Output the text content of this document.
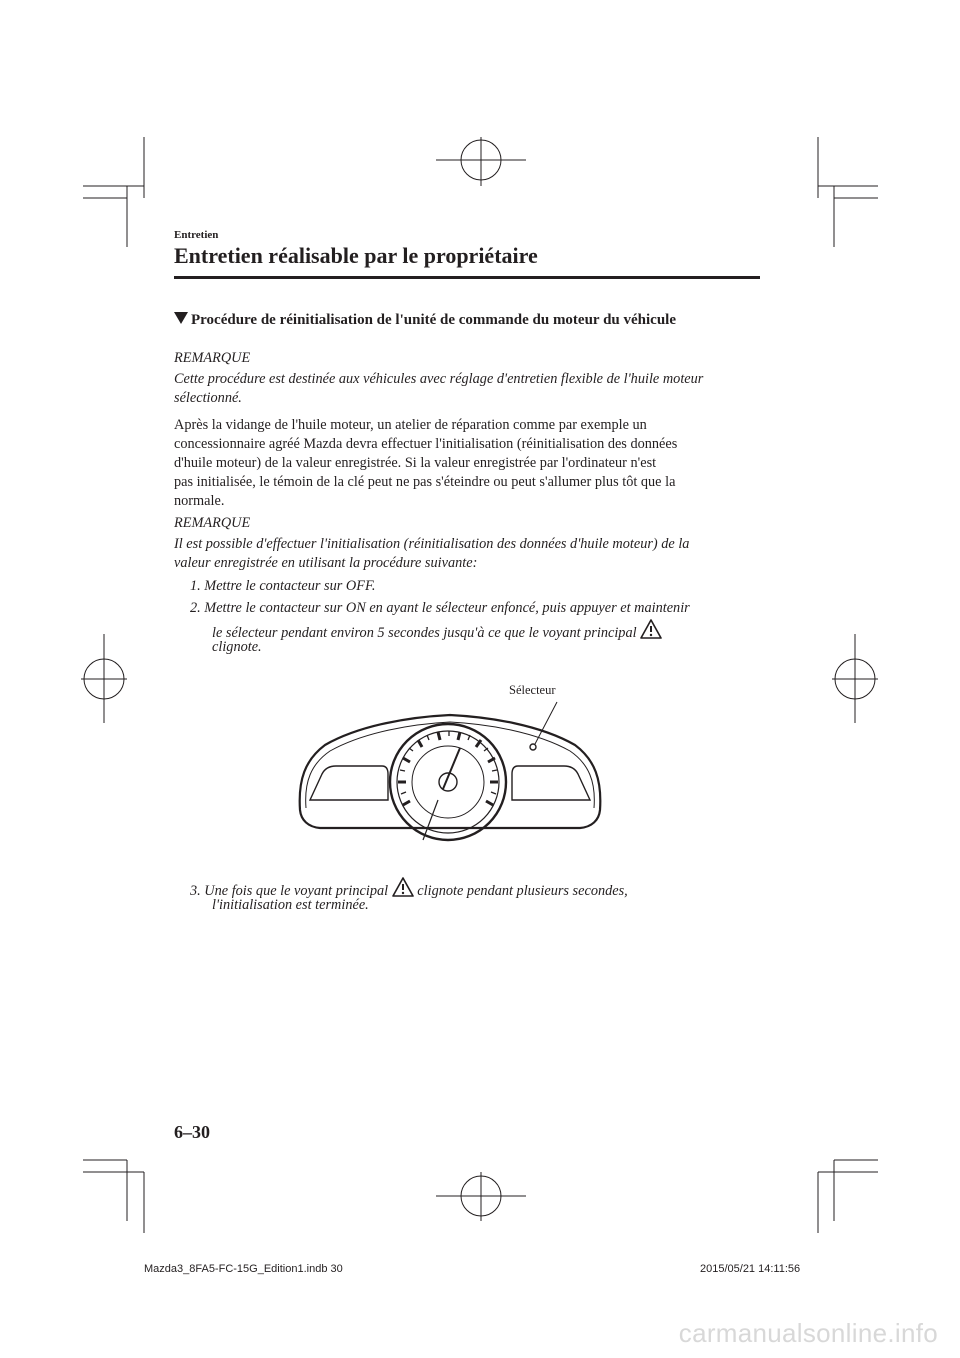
Entretien
Entretien réalisable par le propriétaire
Procédure de réinitialisation de l'unité de commande du moteur du véhicule
REMARQUE
Cette procédure est destinée aux véhicules avec réglage d'entretien flexible de l'huile moteur
sélectionné.
Après la vidange de l'huile moteur, un atelier de réparation comme par exemple un
concessionnaire agréé Mazda devra effectuer l'initialisation (réinitialisation des données
d'huile moteur) de la valeur enregistrée. Si la valeur enregistrée par l'ordinateur n'est
pas initialisée, le témoin de la clé peut ne pas s'éteindre ou peut s'allumer plus tôt que la
normale.
REMARQUE
Il est possible d'effectuer l'initialisation (réinitialisation des données d'huile moteur) de la
valeur enregistrée en utilisant la procédure suivante:
1. Mettre le contacteur sur OFF.
2. Mettre le contacteur sur ON en ayant le sélecteur enfoncé, puis appuyer et maintenir
le sélecteur pendant environ 5 secondes jusqu'à ce que le voyant principal
clignote.
Sélecteur
3. Une fois que le voyant principal clignote pendant plusieurs secondes,
l'initialisation est terminée.
6–30
Mazda3_8FA5-FC-15G_Edition1.indb 30	2015/05/21 14:11:56
carmanualsonline.info
